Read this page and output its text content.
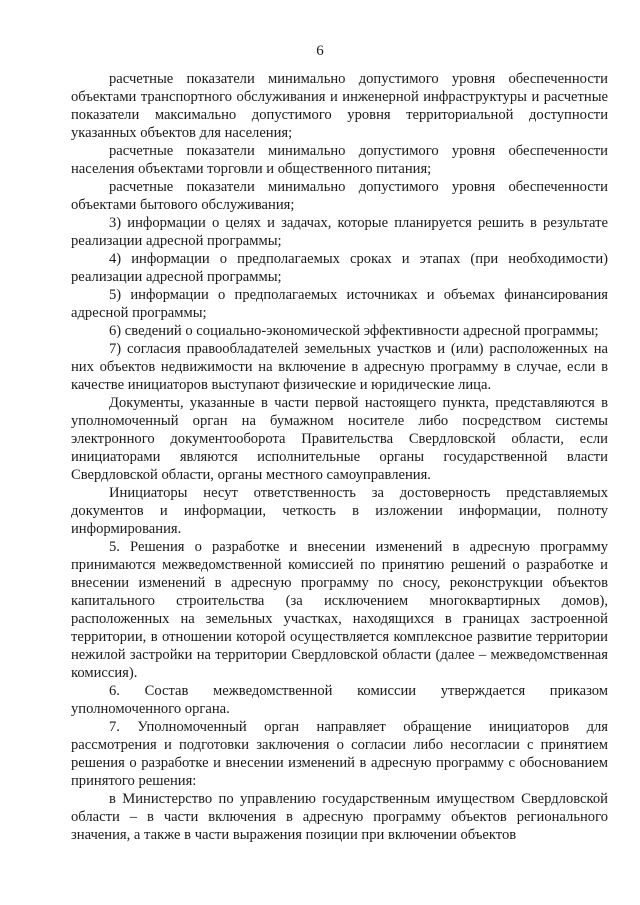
6

расчетные показатели минимально допустимого уровня обеспеченности объектами транспортного обслуживания и инженерной инфраструктуры и расчетные показатели максимально допустимого уровня территориальной доступности указанных объектов для населения;

расчетные показатели минимально допустимого уровня обеспеченности населения объектами торговли и общественного питания;

расчетные показатели минимально допустимого уровня обеспеченности объектами бытового обслуживания;

3) информации о целях и задачах, которые планируется решить в результате реализации адресной программы;

4) информации о предполагаемых сроках и этапах (при необходимости) реализации адресной программы;

5) информации о предполагаемых источниках и объемах финансирования адресной программы;

6) сведений о социально-экономической эффективности адресной программы;

7) согласия правообладателей земельных участков и (или) расположенных на них объектов недвижимости на включение в адресную программу в случае, если в качестве инициаторов выступают физические и юридические лица.

Документы, указанные в части первой настоящего пункта, представляются в уполномоченный орган на бумажном носителе либо посредством системы электронного документооборота Правительства Свердловской области, если инициаторами являются исполнительные органы государственной власти Свердловской области, органы местного самоуправления.

Инициаторы несут ответственность за достоверность представляемых документов и информации, четкость в изложении информации, полноту информирования.

5. Решения о разработке и внесении изменений в адресную программу принимаются межведомственной комиссией по принятию решений о разработке и внесении изменений в адресную программу по сносу, реконструкции объектов капитального строительства (за исключением многоквартирных домов), расположенных на земельных участках, находящихся в границах застроенной территории, в отношении которой осуществляется комплексное развитие территории нежилой застройки на территории Свердловской области (далее – межведомственная комиссия).

6. Состав межведомственной комиссии утверждается приказом уполномоченного органа.

7. Уполномоченный орган направляет обращение инициаторов для рассмотрения и подготовки заключения о согласии либо несогласии с принятием решения о разработке и внесении изменений в адресную программу с обоснованием принятого решения:

в Министерство по управлению государственным имуществом Свердловской области – в части включения в адресную программу объектов регионального значения, а также в части выражения позиции при включении объектов
